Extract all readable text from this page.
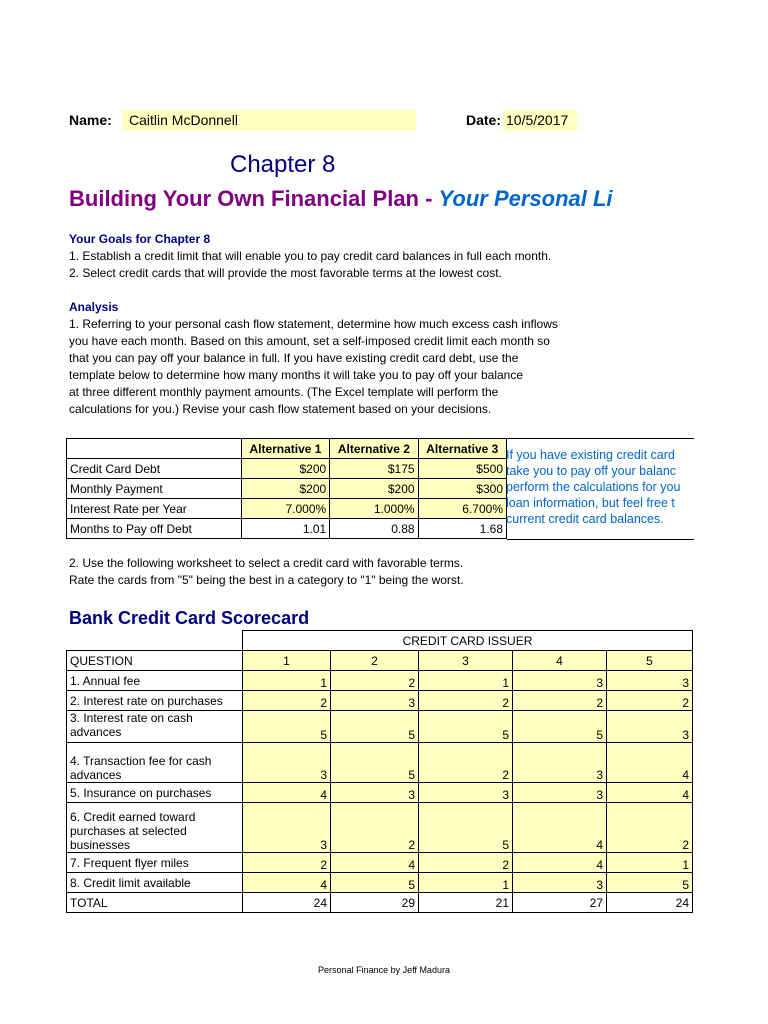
Name:	Caitlin McDonnell	Date: 10/5/2017
Chapter 8
Building Your Own Financial Plan - Your Personal Li
Your Goals for Chapter 8
1. Establish a credit limit that will enable you to pay credit card balances in full each month.
2. Select credit cards that will provide the most favorable terms at the lowest cost.
Analysis
1. Referring to your personal cash flow statement, determine how much excess cash inflows
you have each month. Based on this amount, set a self-imposed credit limit each month so
that you can pay off your balance in full. If you have existing credit card debt, use the
template below to determine how many months it will take you to pay off your balance
at three different monthly payment amounts. (The Excel template will perform the
calculations for you.) Revise your cash flow statement based on your decisions.
	Alternative 1	Alternative 2	Alternative 3
Credit Card Debt	$200	$175	$500
Monthly Payment	$200	$200	$300
Interest Rate per Year	7.000%	1.000%	6.700%
Months to Pay off Debt	1.01	0.88	1.68
If you have existing credit card
take you to pay off your balanc
perform the calculations for you
loan information, but feel free t
current credit card balances.
2. Use the following worksheet to select a credit card with favorable terms.
Rate the cards from "5" being the best in a category to "1" being the worst.
Bank Credit Card Scorecard
	CREDIT CARD ISSUER				
QUESTION	1	2	3	4	5

1. Annual fee	1	2	1	3	3

2. Interest rate on purchases	2	3	2	2	2

3. Interest rate on cash
advances	5	5	5	5	3

4. Transaction fee for cash
advances	3	5	2	3	4

5. Insurance on purchases	4	3	3	3	4

6. Credit earned toward
purchases at selected
businesses	3	2	5	4	2

7. Frequent flyer miles	2	4	2	4	1

8. Credit limit available	4	5	1	3	5
TOTAL	24	29	21	27	24
Personal Finance by Jeff Madura
